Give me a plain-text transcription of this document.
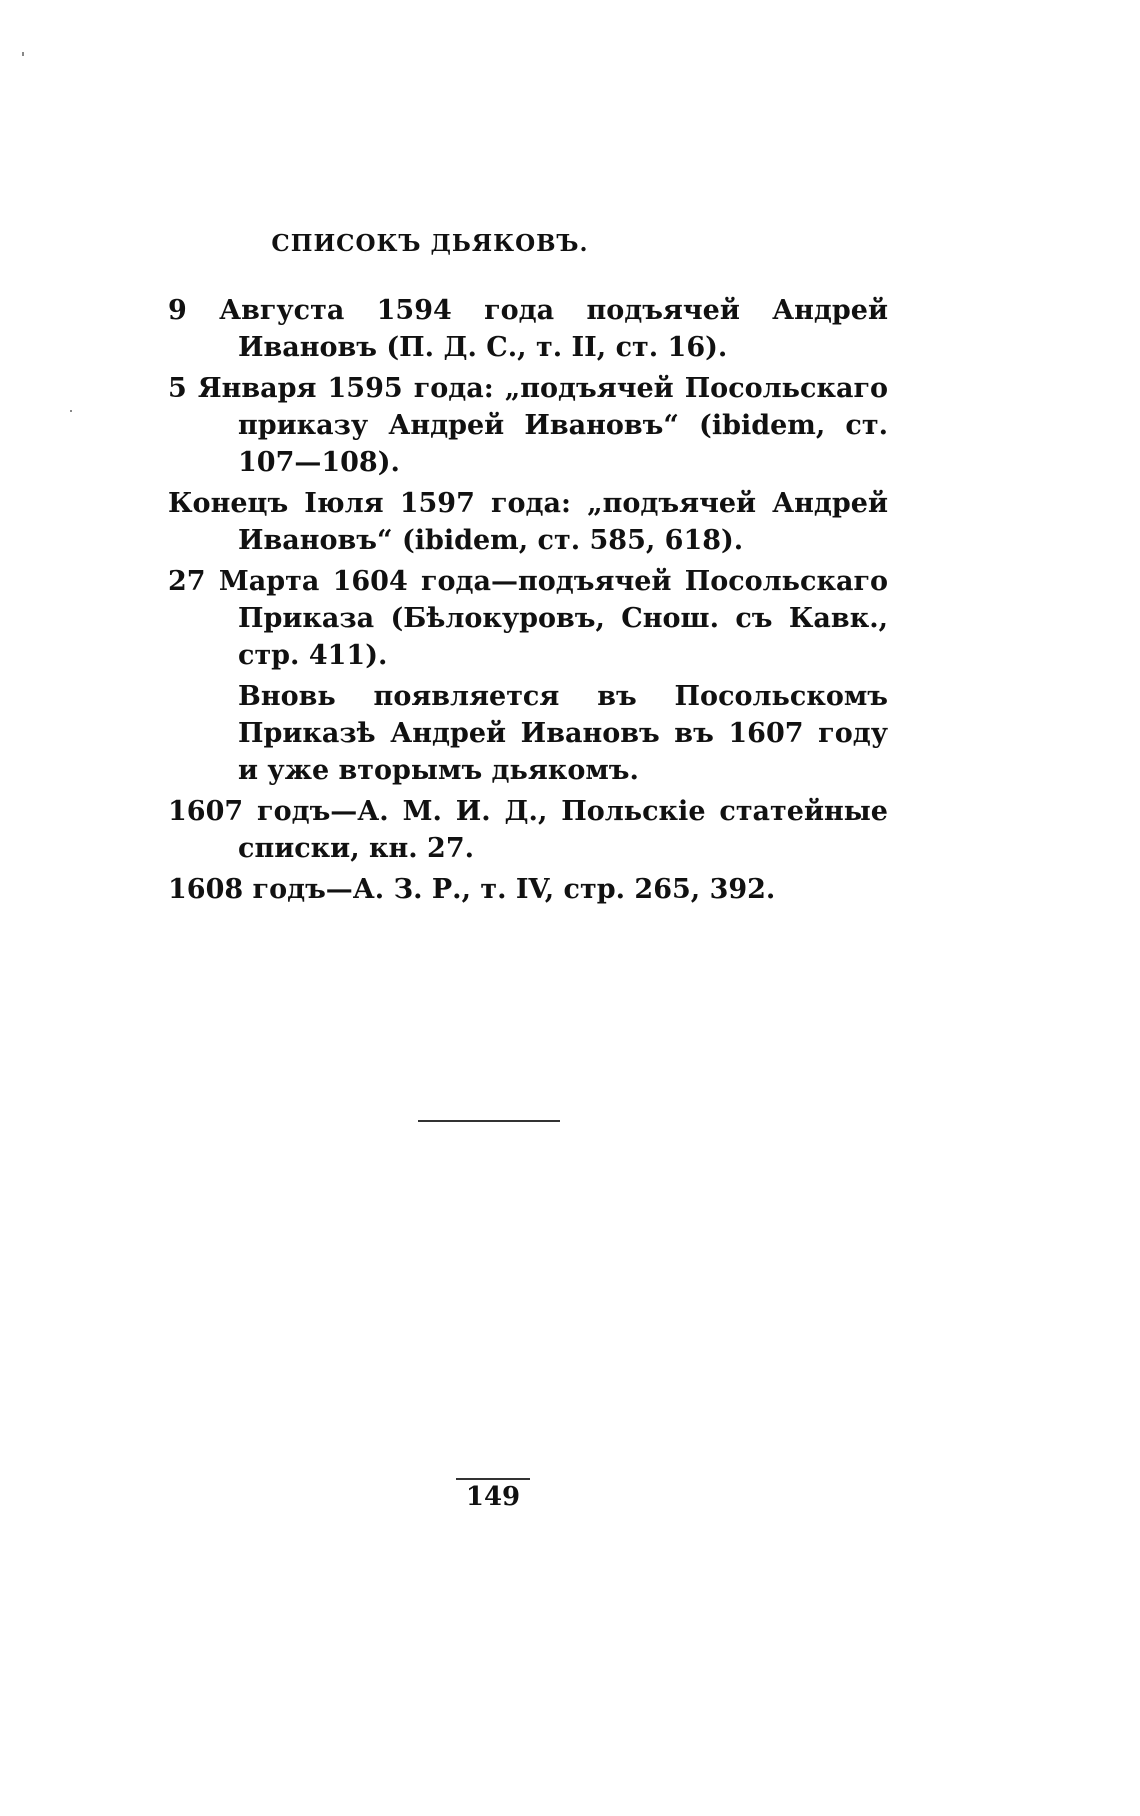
СПИСОКЪ ДЬЯКОВЪ.

9 Августа 1594 года подъячей Андрей Ивановъ (П. Д. С., т. II, ст. 16).

5 Января 1595 года: „подъячей Посольскаго приказу Андрей Ивановъ“ (ibidem, ст. 107—108).

Конецъ Іюля 1597 года: „подъячей Андрей Ивановъ“ (ibidem, ст. 585, 618).

27 Марта 1604 года—подъячей Посольскаго Приказа (Бѣлокуровъ, Снош. съ Кавк., стр. 411).

Вновь появляется въ Посольскомъ Приказѣ Андрей Ивановъ въ 1607 году и уже вторымъ дьякомъ.

1607 годъ—А. М. И. Д., Польскіе статейные списки, кн. 27.

1608 годъ—А. З. Р., т. IV, стр. 265, 392.

149
